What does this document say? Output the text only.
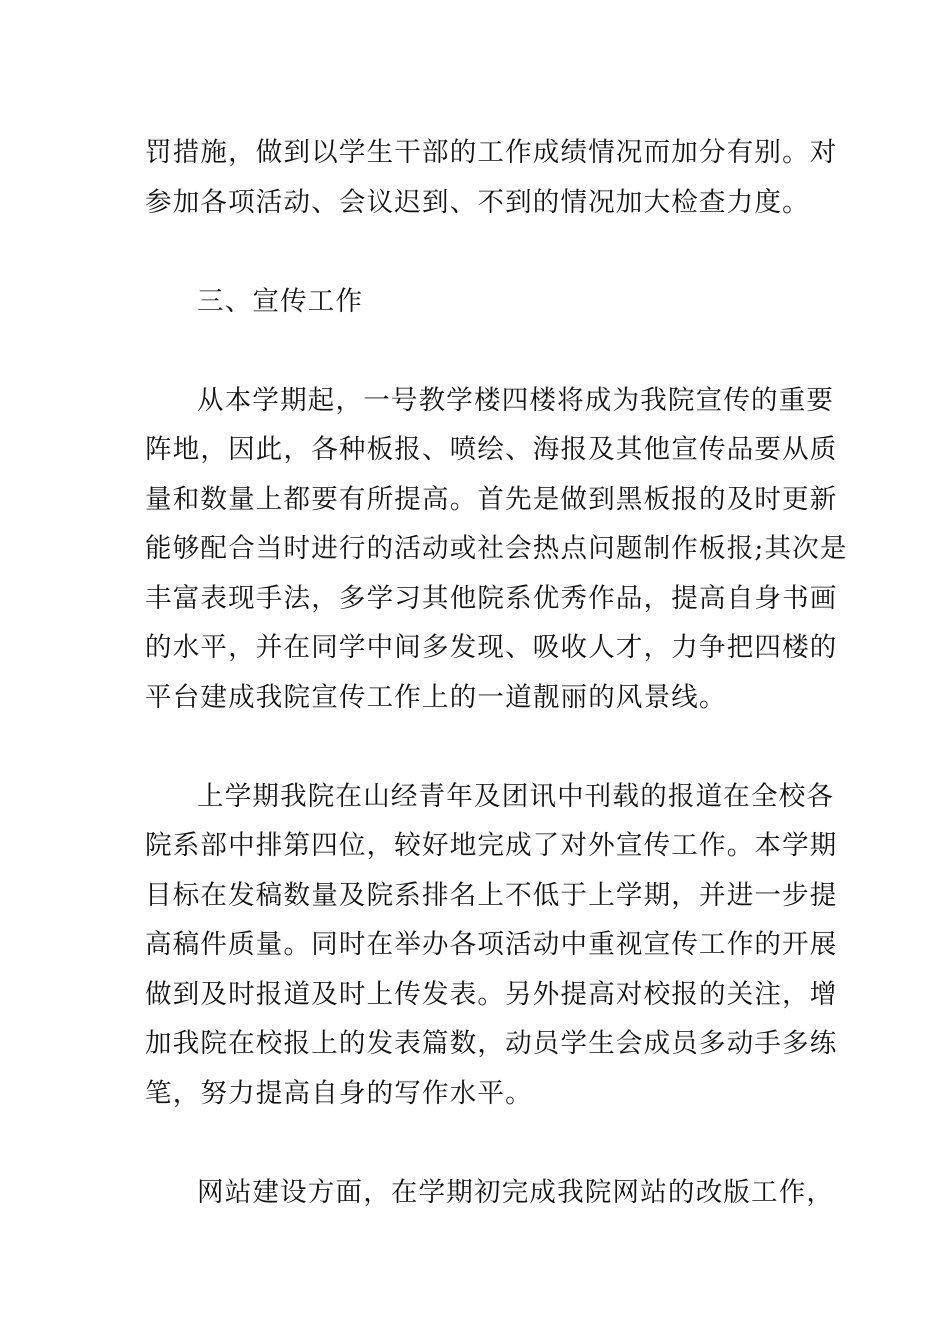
罚措施，做到以学生干部的工作成绩情况而加分有别。对
参加各项活动、会议迟到、不到的情况加大检查力度。
三、宣传工作
从本学期起，一号教学楼四楼将成为我院宣传的重要
阵地，因此，各种板报、喷绘、海报及其他宣传品要从质
量和数量上都要有所提高。首先是做到黑板报的及时更新
能够配合当时进行的活动或社会热点问题制作板报;其次是
丰富表现手法，多学习其他院系优秀作品，提高自身书画
的水平，并在同学中间多发现、吸收人才，力争把四楼的
平台建成我院宣传工作上的一道靓丽的风景线。
上学期我院在山经青年及团讯中刊载的报道在全校各
院系部中排第四位，较好地完成了对外宣传工作。本学期
目标在发稿数量及院系排名上不低于上学期，并进一步提
高稿件质量。同时在举办各项活动中重视宣传工作的开展
做到及时报道及时上传发表。另外提高对校报的关注，增
加我院在校报上的发表篇数，动员学生会成员多动手多练
笔，努力提高自身的写作水平。
网站建设方面，在学期初完成我院网站的改版工作，
